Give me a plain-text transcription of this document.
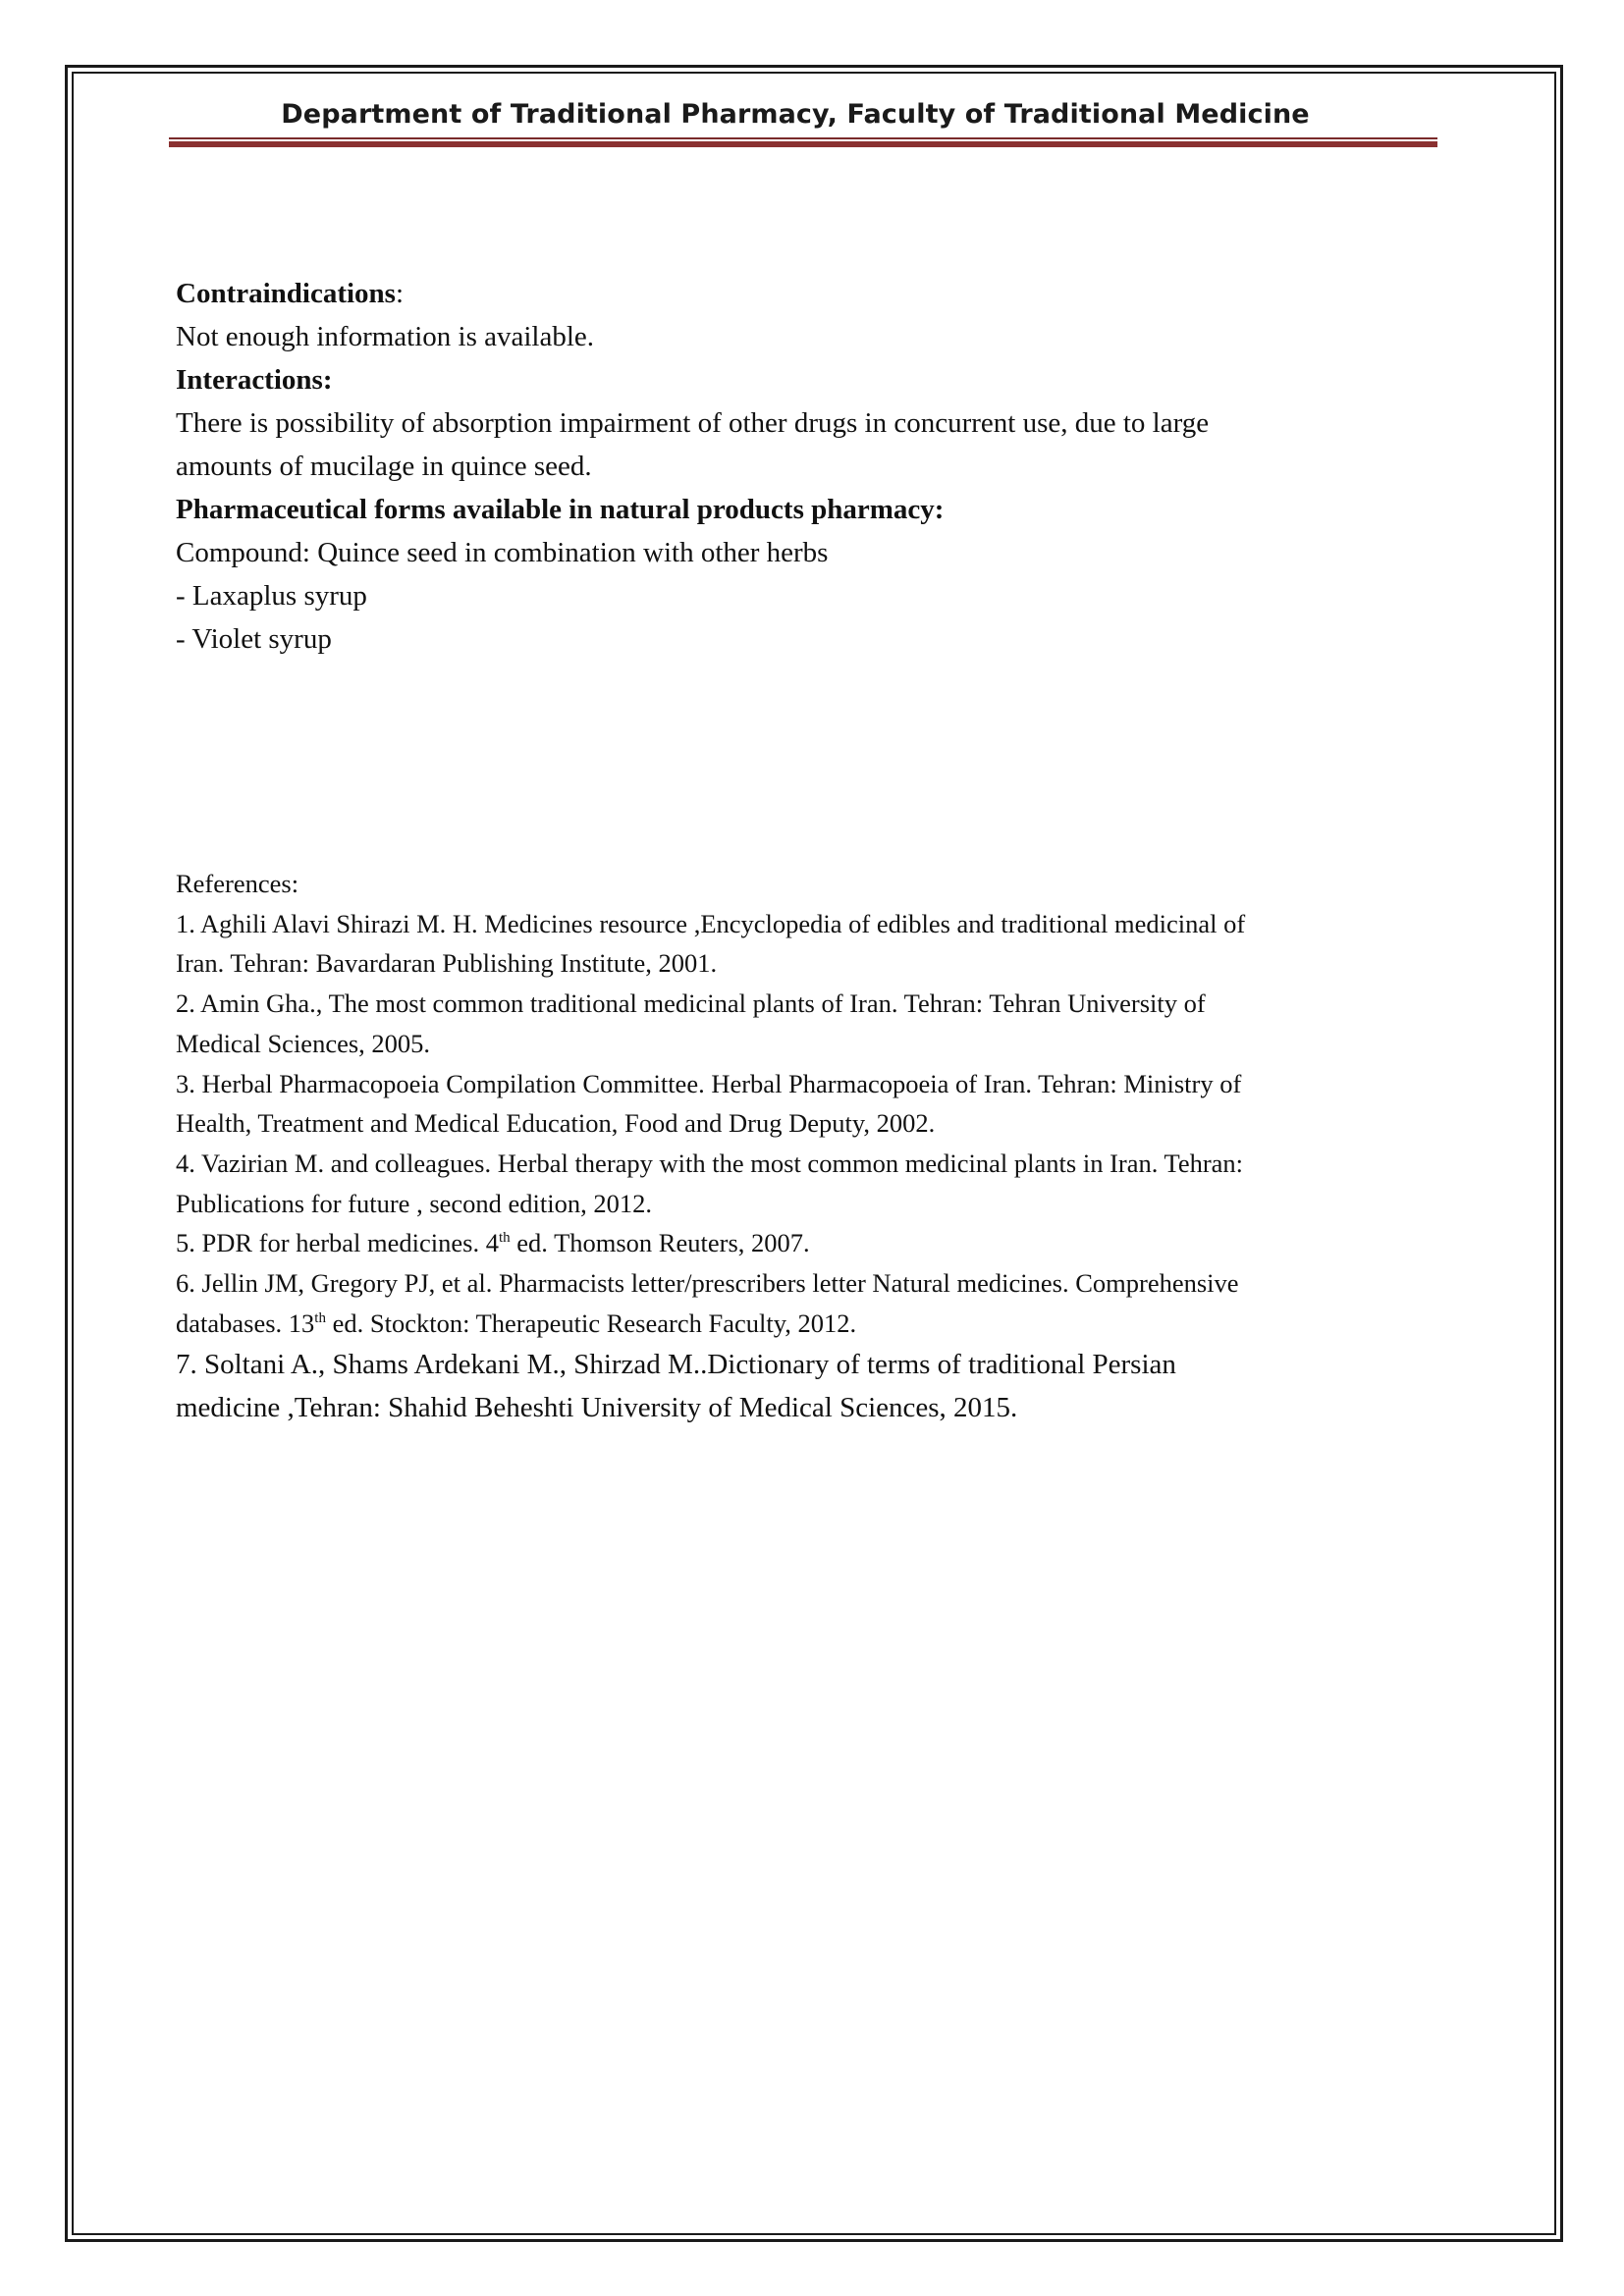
Department of Traditional Pharmacy, Faculty of Traditional Medicine

Contraindications:

Not enough information is available.

Interactions:

There is possibility of absorption impairment of other drugs in concurrent use, due to large

amounts of mucilage in quince seed.

Pharmaceutical forms available in natural products pharmacy:

Compound: Quince seed in combination with other herbs

- Laxaplus syrup

- Violet syrup

References:

1. Aghili Alavi Shirazi M. H. Medicines resource ,Encyclopedia of edibles and traditional medicinal of

Iran. Tehran: Bavardaran Publishing Institute, 2001.

2. Amin Gha., The most common traditional medicinal plants of Iran. Tehran: Tehran University of

Medical Sciences, 2005.

3. Herbal Pharmacopoeia Compilation Committee. Herbal Pharmacopoeia of Iran. Tehran: Ministry of

Health, Treatment and Medical Education, Food and Drug Deputy, 2002.

4. Vazirian M. and colleagues. Herbal therapy with the most common medicinal plants in Iran. Tehran:

Publications for future , second edition, 2012.

5. PDR for herbal medicines. 4th ed. Thomson Reuters, 2007.

6. Jellin JM, Gregory PJ, et al. Pharmacists letter/prescribers letter Natural medicines. Comprehensive

databases. 13th ed. Stockton: Therapeutic Research Faculty, 2012.

7. Soltani A., Shams Ardekani M., Shirzad M..Dictionary of terms of traditional Persian

medicine ,Tehran: Shahid Beheshti University of Medical Sciences, 2015.
